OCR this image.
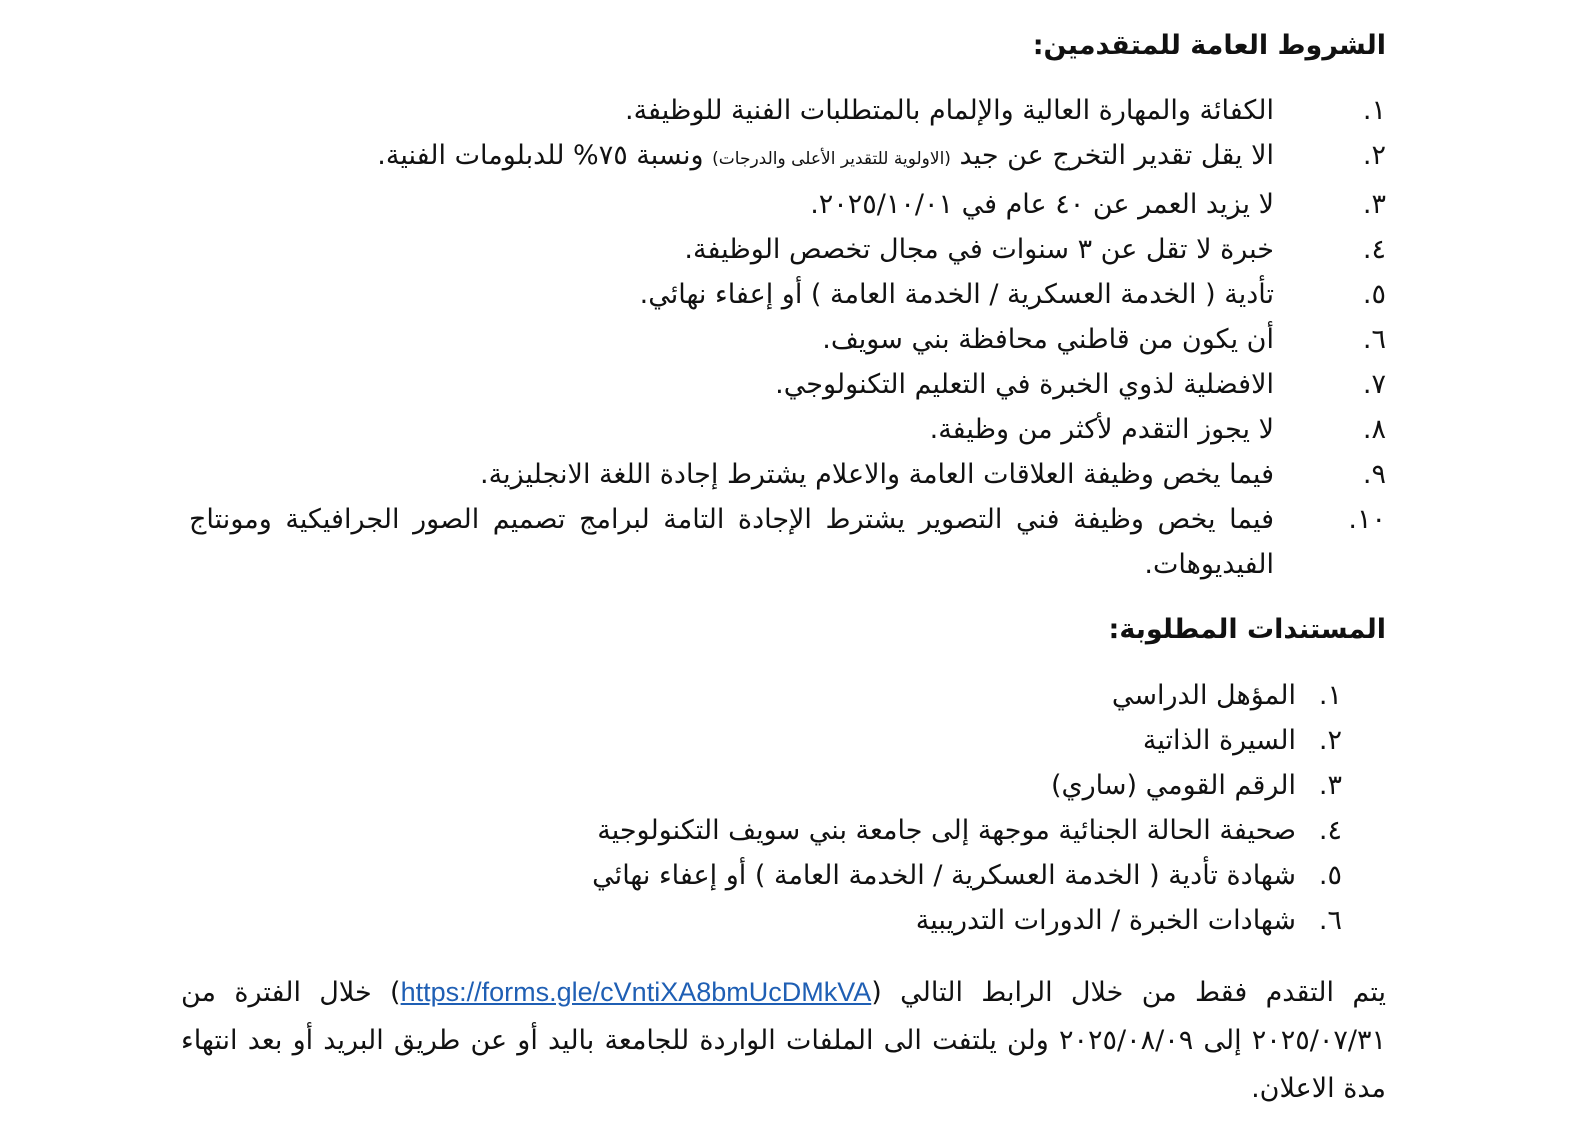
الشروط العامة للمتقدمين:
١.
الكفائة والمهارة العالية والإلمام بالمتطلبات الفنية للوظيفة.
٢.
الا يقل تقدير التخرج عن جيد (الاولوية للتقدير الأعلى والدرجات) ونسبة ٧٥% للدبلومات الفنية.
٣.
لا يزيد العمر عن ٤٠ عام في ٢٠٢٥/١٠/٠١.
٤.
خبرة لا تقل عن ٣ سنوات في مجال تخصص الوظيفة.
٥.
تأدية ( الخدمة العسكرية / الخدمة العامة ) أو إعفاء نهائي.
٦.
أن يكون من قاطني محافظة بني سويف.
٧.
الافضلية لذوي الخبرة في التعليم التكنولوجي.
٨.
لا يجوز التقدم لأكثر من وظيفة.
٩.
فيما يخص وظيفة العلاقات العامة والاعلام يشترط إجادة اللغة الانجليزية.
١٠.
فيما يخص وظيفة فني التصوير يشترط الإجادة التامة لبرامج تصميم الصور الجرافيكية ومونتاج الفيديوهات.
المستندات المطلوبة:
١.
المؤهل الدراسي
٢.
السيرة الذاتية
٣.
الرقم القومي (ساري)
٤.
صحيفة الحالة الجنائية موجهة إلى جامعة بني سويف التكنولوجية
٥.
شهادة تأدية ( الخدمة العسكرية / الخدمة العامة ) أو إعفاء نهائي
٦.
شهادات الخبرة / الدورات التدريبية

يتم التقدم فقط من خلال الرابط التالي (https://forms.gle/cVntiXA8bmUcDMkVA) خلال الفترة من ٢٠٢٥/٠٧/٣١ إلى ٢٠٢٥/٠٨/٠٩ ولن يلتفت الى الملفات الواردة للجامعة باليد أو عن طريق البريد أو بعد انتهاء مدة الاعلان.
